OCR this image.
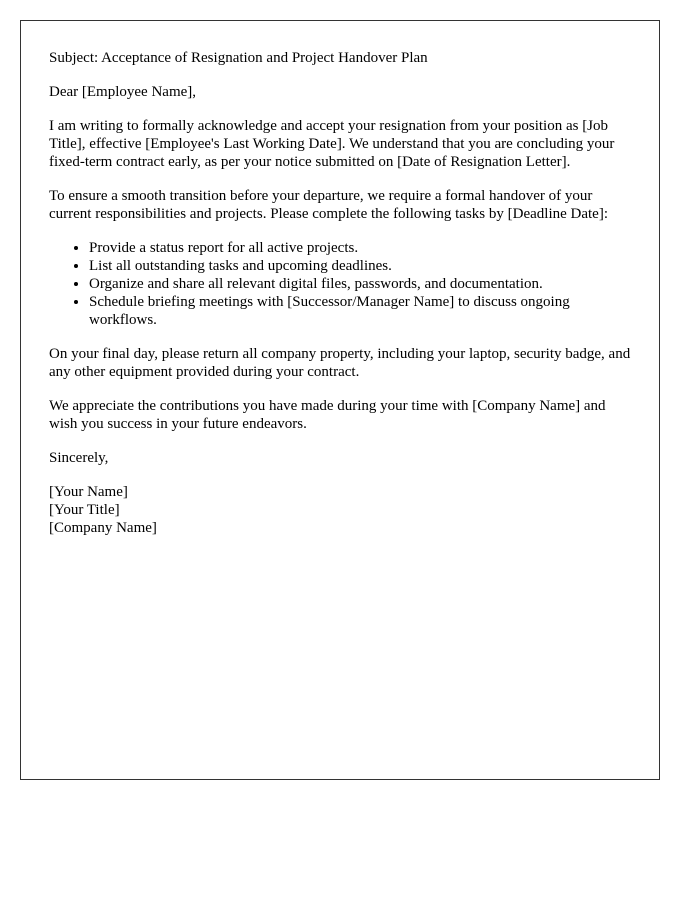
Subject: Acceptance of Resignation and Project Handover Plan

Dear [Employee Name],

I am writing to formally acknowledge and accept your resignation from your position as [Job Title], effective [Employee's Last Working Date]. We understand that you are concluding your fixed-term contract early, as per your notice submitted on [Date of Resignation Letter].

To ensure a smooth transition before your departure, we require a formal handover of your current responsibilities and projects. Please complete the following tasks by [Deadline Date]:

• Provide a status report for all active projects.
• List all outstanding tasks and upcoming deadlines.
• Organize and share all relevant digital files, passwords, and documentation.
• Schedule briefing meetings with [Successor/Manager Name] to discuss ongoing workflows.

On your final day, please return all company property, including your laptop, security badge, and any other equipment provided during your contract.

We appreciate the contributions you have made during your time with [Company Name] and wish you success in your future endeavors.

Sincerely,

[Your Name]
[Your Title]
[Company Name]
